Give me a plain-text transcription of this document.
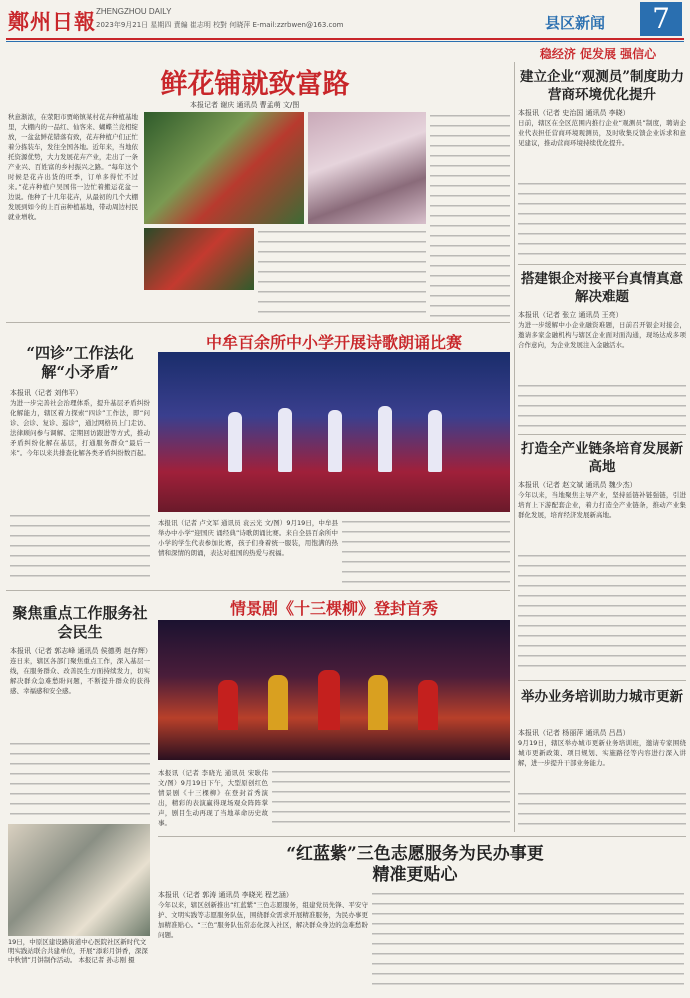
鄭州日報 ZHENGZHOU DAILY
2023年9月21日 星期四 責編 崔志明 校對 何晓萍 E-mail:zzrbwen@163.com	县区新闻	7
稳经济 促发展 强信心
鲜花铺就致富路
本报记者 谢庆 通讯员 曹孟萌 文/图
秋意渐浓，在荥阳市贾峪镇某村花卉种植基地里，大棚内的一品红、仙客来、蝴蝶兰竞相绽放，一盆盆鲜花错落有致，花卉种植户们正忙着分拣装车，发往全国各地。近年来，当地依托资源优势，大力发展花卉产业，走出了一条产业兴、百姓富的乡村振兴之路。“每年这个时候是花卉出货的旺季，订单多得忙不过来。”花卉种植户吴国伟一边忙着搬运花盆一边说。他种了十几年花卉，从最初的几个大棚发展到如今的上百亩种植基地，带动周边村民就业增收。
“四诊”工作法化解“小矛盾”
本报讯（记者 刘伟平）
为进一步完善社会治理体系，提升基层矛盾纠纷化解能力，辖区着力探索“四诊”工作法，即“问诊、会诊、复诊、巡诊”，通过网格员上门走访、法律顾问参与调解、定期回访跟进等方式，推动矛盾纠纷化解在基层，打通服务群众“最后一米”。今年以来共排查化解各类矛盾纠纷数百起。
中牟百余所中小学开展诗歌朗诵比赛
本报讯（记者 卢文军 通讯员 袁云光 文/图）9月19日，中牟县举办中小学“迎国庆 诵经典”诗歌朗诵比赛。来自全县百余所中小学的学生代表参加比赛，孩子们身着统一服装，用饱满的热情和深情的朗诵，表达对祖国的热爱与祝福。
聚焦重点工作服务社会民生
本报讯（记者 郭志峰 通讯员 侯德勇 赵存辉）
连日来，辖区各部门聚焦重点工作，深入基层一线，在服务群众、改善民生方面持续发力，切实解决群众急难愁盼问题，不断提升群众的获得感、幸福感和安全感。
19日，中原区建设路街道中心医院社区新时代文明实践站联合共建单位，开展“添彩月饼香，深深中秋情”月饼制作活动。 本报记者 孙志刚 摄
情景剧《十三棵柳》登封首秀
本报讯（记者 李晓光 通讯员 宋耿伟 文/图）9月19日下午，大型原创红色情景剧《十三棵柳》在登封首秀演出，精彩的表演赢得现场观众阵阵掌声，剧目生动再现了当地革命历史故事。
“红蓝紫”三色志愿服务为民办事更精准更贴心
本报讯（记者 郭涛 通讯员 李晓光 程艺涵）
今年以来，辖区创新推出“红蓝紫”三色志愿服务，组建党员先锋、平安守护、文明实践等志愿服务队伍，围绕群众需求开展精准服务，为民办事更加精准贴心。“三色”服务队伍常态化深入社区，解决群众身边的急难愁盼问题。
建立企业“观测员”制度助力营商环境优化提升
本报讯（记者 史治国 通讯员 李晓）
日前，辖区在全区范围内推行企业“观测员”制度，聘请企业代表担任营商环境观测员，及时收集反馈企业诉求和意见建议，推动营商环境持续优化提升。
搭建银企对接平台真情真意解决难题
本报讯（记者 张立 通讯员 王亮）
为进一步缓解中小企业融资难题，日前召开银企对接会，邀请多家金融机构与辖区企业面对面沟通，现场达成多项合作意向，为企业发展注入金融活水。
打造全产业链条培育发展新高地
本报讯（记者 赵文斌 通讯员 魏少杰）
今年以来，当地聚焦主导产业，坚持延链补链强链，引进培育上下游配套企业，着力打造全产业链条，推动产业集群化发展，培育经济发展新高地。
举办业务培训助力城市更新
本报讯（记者 杨丽萍 通讯员 吕昌）
9月19日，辖区举办城市更新业务培训班，邀请专家围绕城市更新政策、项目规划、实施路径等内容进行深入讲解，进一步提升干部业务能力。
